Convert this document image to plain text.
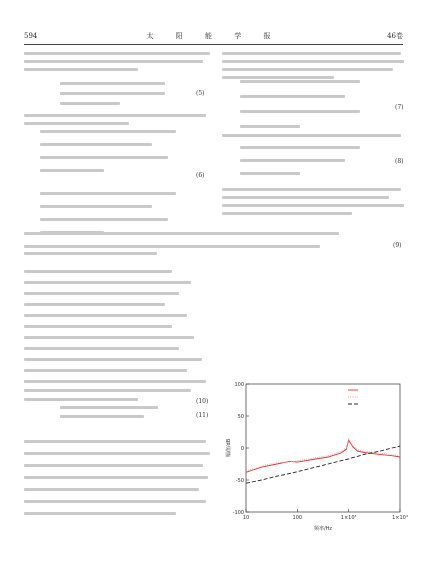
594	太 阳 能 学 报	46卷
(5)
(6)
(7)
(8)
(9)
(10)
(11)
-100
-50
0
50
100
10	100	1×10³	1×10⁴
频率/Hz
幅值/dB
